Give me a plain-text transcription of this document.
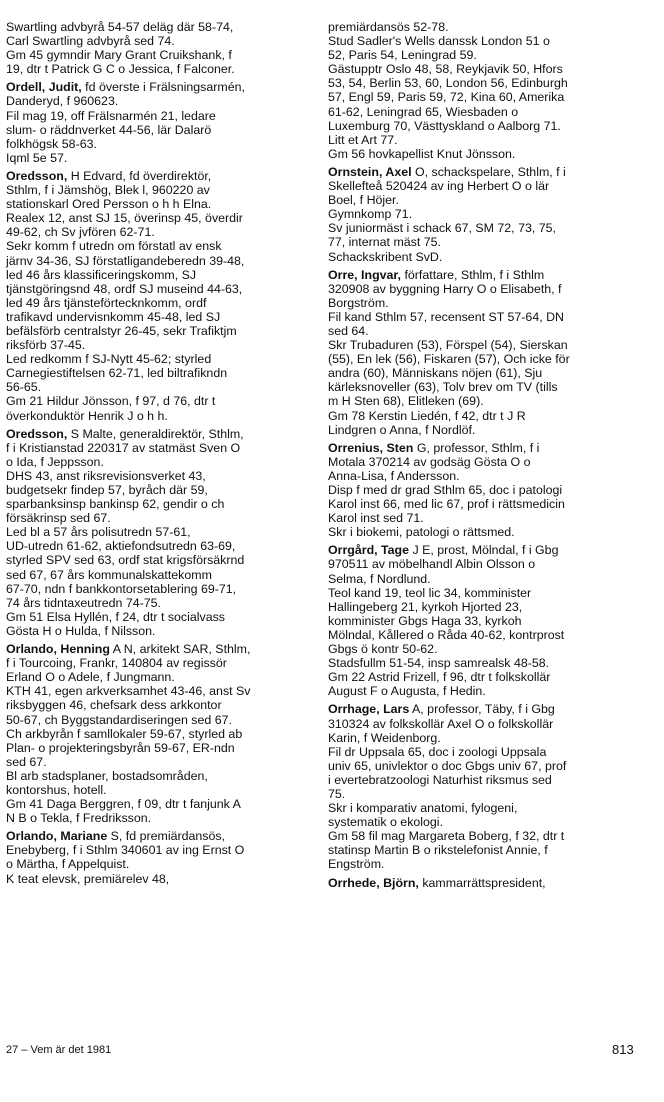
Swartling advbyrå 54-57 deläg där 58-74,
Carl Swartling advbyrå sed 74.
Gm 45 gymndir Mary Grant Cruikshank, f
19, dtr t Patrick G C o Jessica, f Falconer.
Ordell, Judit, fd överste i Frälsningsarmén,
Danderyd, f 960623.
Fil mag 19, off Frälsnarmén 21, ledare
slum- o räddnverket 44-56, lär Dalarö
folkhögsk 58-63.
Iqml 5e 57.
Oredsson, H Edvard, fd överdirektör,
Sthlm, f i Jämshög, Blek l, 960220 av
stationskarl Ored Persson o h h Elna.
Realex 12, anst SJ 15, överinsp 45, överdir
49-62, ch Sv jvfören 62-71.
Sekr komm f utredn om förstatl av ensk
järnv 34-36, SJ förstatligandeberedn 39-48,
led 46 års klassificeringskomm, SJ
tjänstgöringsnd 48, ordf SJ museind 44-63,
led 49 års tjänsteförtecknkomm, ordf
trafikavd undervisnkomm 45-48, led SJ
befälsförb centralstyr 26-45, sekr Trafiktjm
riksförb 37-45.
Led redkomm f SJ-Nytt 45-62; styrled
Carnegiestiftelsen 62-71, led biltrafikndn
56-65.
Gm 21 Hildur Jönsson, f 97, d 76, dtr t
överkonduktör Henrik J o h h.
Oredsson, S Malte, generaldirektör, Sthlm,
f i Kristianstad 220317 av statmäst Sven O
o Ida, f Jeppsson.
DHS 43, anst riksrevisionsverket 43,
budgetsekr findep 57, byråch där 59,
sparbanksinsp bankinsp 62, gendir o ch
försäkrinsp sed 67.
Led bl a 57 års polisutredn 57-61,
UD-utredn 61-62, aktiefondsutredn 63-69,
styrled SPV sed 63, ordf stat krigsförsäkrnd
sed 67, 67 års kommunalskattekomm
67-70, ndn f bankkontorsetablering 69-71,
74 års tidntaxeutredn 74-75.
Gm 51 Elsa Hyllén, f 24, dtr t socialvass
Gösta H o Hulda, f Nilsson.
Orlando, Henning A N, arkitekt SAR, Sthlm,
f i Tourcoing, Frankr, 140804 av regissör
Erland O o Adele, f Jungmann.
KTH 41, egen arkverksamhet 43-46, anst Sv
riksbyggen 46, chefsark dess arkkontor
50-67, ch Byggstandardiseringen sed 67.
Ch arkbyrån f samllokaler 59-67, styrled ab
Plan- o projekteringsbyrån 59-67, ER-ndn
sed 67.
Bl arb stadsplaner, bostadsområden,
kontorshus, hotell.
Gm 41 Daga Berggren, f 09, dtr t fanjunk A
N B o Tekla, f Fredriksson.
Orlando, Mariane S, fd premiärdansös,
Enebyberg, f i Sthlm 340601 av ing Ernst O
o Märtha, f Appelquist.
K teat elevsk, premiärelev 48,
premiärdansös 52-78.
Stud Sadler's Wells danssk London 51 o
52, Paris 54, Leningrad 59.
Gästupptr Oslo 48, 58, Reykjavik 50, Hfors
53, 54, Berlin 53, 60, London 56, Edinburgh
57, Engl 59, Paris 59, 72, Kina 60, Amerika
61-62, Leningrad 65, Wiesbaden o
Luxemburg 70, Västtyskland o Aalborg 71.
Litt et Art 77.
Gm 56 hovkapellist Knut Jönsson.
Ornstein, Axel O, schackspelare, Sthlm, f i
Skellefteå 520424 av ing Herbert O o lär
Boel, f Höjer.
Gymnkomp 71.
Sv juniormäst i schack 67, SM 72, 73, 75,
77, internat mäst 75.
Schackskribent SvD.
Orre, Ingvar, författare, Sthlm, f i Sthlm
320908 av byggning Harry O o Elisabeth, f
Borgström.
Fil kand Sthlm 57, recensent ST 57-64, DN
sed 64.
Skr Trubaduren (53), Förspel (54), Sierskan
(55), En lek (56), Fiskaren (57), Och icke för
andra (60), Människans nöjen (61), Sju
kärleksnoveller (63), Tolv brev om TV (tills
m H Sten 68), Elitleken (69).
Gm 78 Kerstin Liedén, f 42, dtr t J R
Lindgren o Anna, f Nordlöf.
Orrenius, Sten G, professor, Sthlm, f i
Motala 370214 av godsäg Gösta O o
Anna-Lisa, f Andersson.
Disp f med dr grad Sthlm 65, doc i patologi
Karol inst 66, med lic 67, prof i rättsmedicin
Karol inst sed 71.
Skr i biokemi, patologi o rättsmed.
Orrgård, Tage J E, prost, Mölndal, f i Gbg
970511 av möbelhandl Albin Olsson o
Selma, f Nordlund.
Teol kand 19, teol lic 34, komminister
Hallingeberg 21, kyrkoh Hjorted 23,
komminister Gbgs Haga 33, kyrkoh
Mölndal, Kållered o Råda 40-62, kontrprost
Gbgs ö kontr 50-62.
Stadsfullm 51-54, insp samrealsk 48-58.
Gm 22 Astrid Frizell, f 96, dtr t folkskollär
August F o Augusta, f Hedin.
Orrhage, Lars A, professor, Täby, f i Gbg
310324 av folkskollär Axel O o folkskollär
Karin, f Weidenborg.
Fil dr Uppsala 65, doc i zoologi Uppsala
univ 65, univlektor o doc Gbgs univ 67, prof
i evertebratzoologi Naturhist riksmus sed
75.
Skr i komparativ anatomi, fylogeni,
systematik o ekologi.
Gm 58 fil mag Margareta Boberg, f 32, dtr t
statinsp Martin B o rikstelefonist Annie, f
Engström.
Orrhede, Björn, kammarrättspresident,
27 – Vem är det 1981	813
